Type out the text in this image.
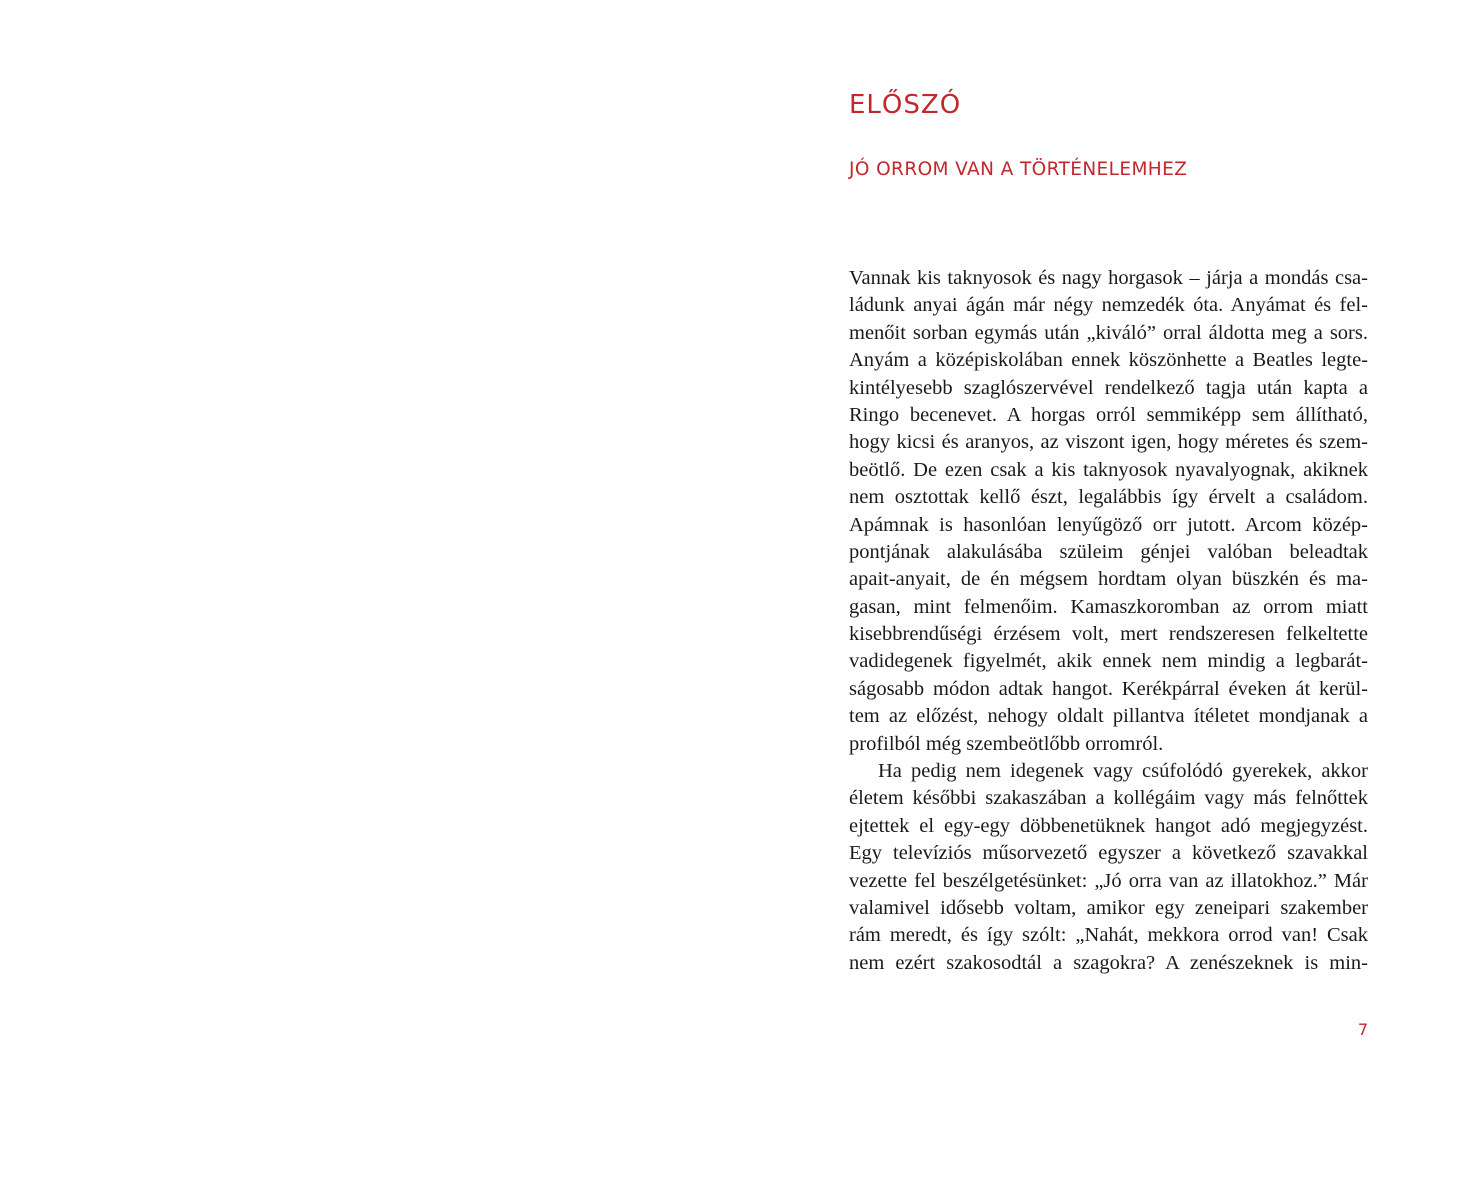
ELŐSZÓ
JÓ ORROM VAN A TÖRTÉNELEMHEZ
Vannak kis taknyosok és nagy horgasok – járja a mondás csa-
ládunk anyai ágán már négy nemzedék óta. Anyámat és fel-
menőit sorban egymás után „kiváló” orral áldotta meg a sors.
Anyám a középiskolában ennek köszönhette a Beatles legte-
kintélyesebb szaglószervével rendelkező tagja után kapta a
Ringo becenevet. A horgas orról semmiképp sem állítható,
hogy kicsi és aranyos, az viszont igen, hogy méretes és szem-
beötlő. De ezen csak a kis taknyosok nyavalyognak, akiknek
nem osztottak kellő észt, legalábbis így érvelt a családom.
Apámnak is hasonlóan lenyűgöző orr jutott. Arcom közép-
pontjának alakulásába szüleim génjei valóban beleadtak
apait-anyait, de én mégsem hordtam olyan büszkén és ma-
gasan, mint felmenőim. Kamaszkoromban az orrom miatt
kisebbrendűségi érzésem volt, mert rendszeresen felkeltette
vadidegenek figyelmét, akik ennek nem mindig a legbarát-
ságosabb módon adtak hangot. Kerékpárral éveken át kerül-
tem az előzést, nehogy oldalt pillantva ítéletet mondjanak a
profilból még szembeötlőbb orromról.
Ha pedig nem idegenek vagy csúfolódó gyerekek, akkor
életem későbbi szakaszában a kollégáim vagy más felnőttek
ejtettek el egy-egy döbbenetüknek hangot adó megjegyzést.
Egy televíziós műsorvezető egyszer a következő szavakkal
vezette fel beszélgetésünket: „Jó orra van az illatokhoz.” Már
valamivel idősebb voltam, amikor egy zeneipari szakember
rám meredt, és így szólt: „Nahát, mekkora orrod van! Csak
nem ezért szakosodtál a szagokra? A zenészeknek is min-
7
